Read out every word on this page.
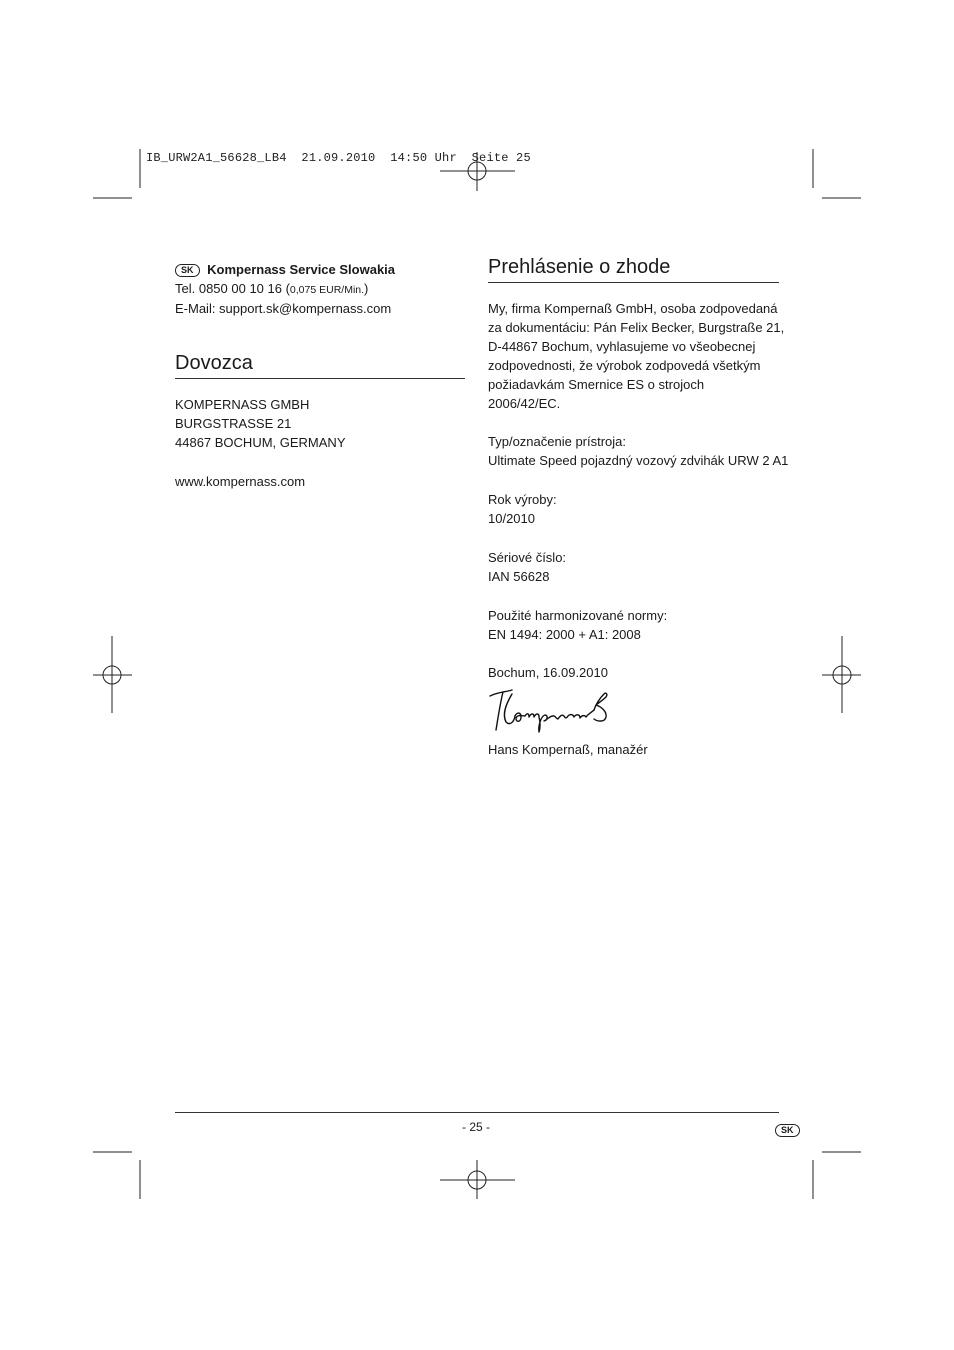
IB_URW2A1_56628_LB4  21.09.2010  14:50 Uhr  Seite 25
SK Kompernass Service Slowakia
Tel. 0850 00 10 16 (0,075 EUR/Min.)
E-Mail: support.sk@kompernass.com
Dovozca
KOMPERNASS GMBH
BURGSTRASSE 21
44867 BOCHUM, GERMANY
www.kompernass.com
Prehlásenie o zhode
My, firma Kompernaß GmbH, osoba zodpovedaná
za dokumentáciu: Pán Felix Becker, Burgstraße 21,
D-44867 Bochum, vyhlasujeme vo všeobecnej
zodpovednosti, že výrobok zodpovedá všetkým
požiadavkám Smernice ES o strojoch
2006/42/EC.
Typ/označenie prístroja:
Ultimate Speed pojazdný vozový zdvihák URW 2 A1
Rok výroby:
10/2010
Sériové číslo:
IAN 56628
Použité harmonizované normy:
EN 1494: 2000 + A1: 2008
Bochum, 16.09.2010
Hans Kompernaß, manažér
- 25 -	SK
